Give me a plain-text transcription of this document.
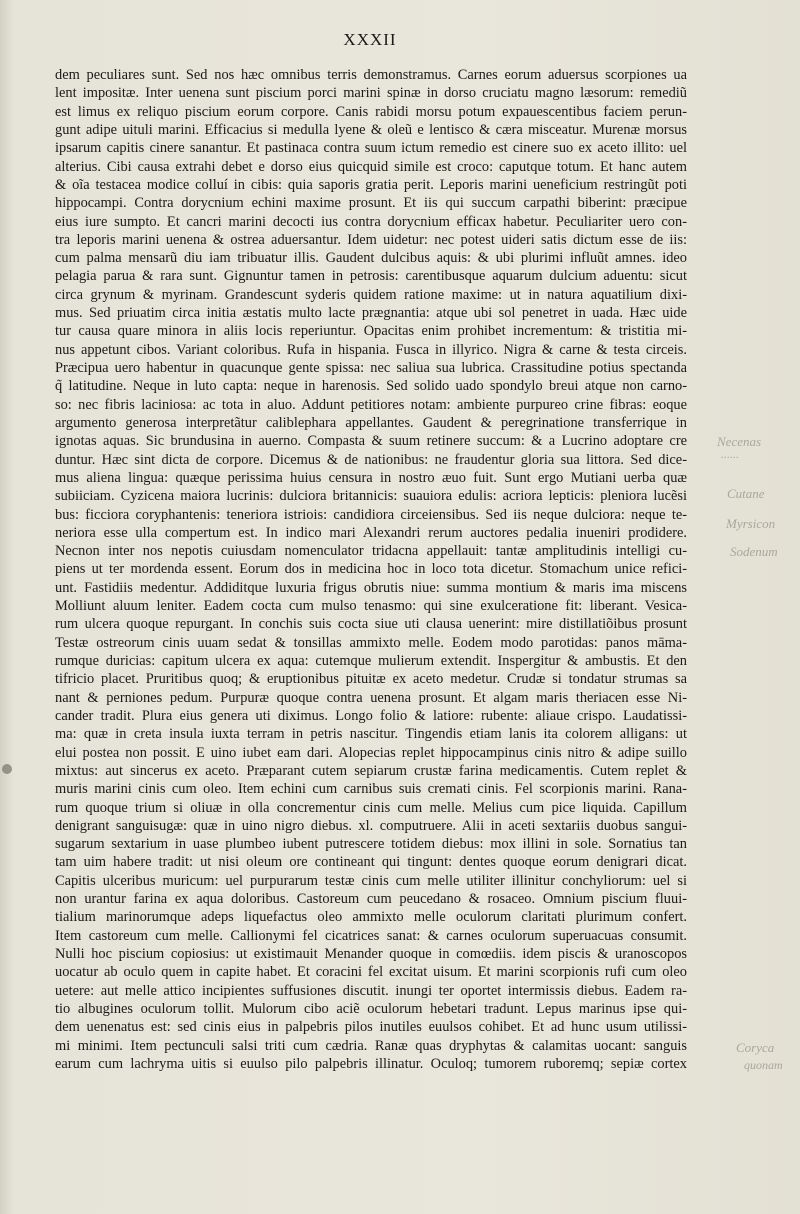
XXXII
dem peculiares sunt. Sed nos hæc omnibus terris demonstramus. Carnes eorum aduersus scorpiones ua
lent impositæ. Inter uenena sunt piscium porci marini spinæ in dorso cruciatu magno læsorum: remediũ
est limus ex reliquo piscium eorum corpore. Canis rabidi morsu potum expauescentibus faciem perun-
gunt adipe uituli marini. Efficacius si medulla lyene & oleũ e lentisco & cæra misceatur. Murenæ morsus
ipsarum capitis cinere sanantur. Et pastinaca contra suum ictum remedio est cinere suo ex aceto illito: uel
alterius. Cibi causa extrahi debet e dorso eius quicquid simile est croco: caputque totum. Et hanc autem
& oĩa testacea modice colluí in cibis: quia saporis gratia perit. Leporis marini ueneficium restringũt poti
hippocampi. Contra dorycnium echini maxime prosunt. Et iis qui succum carpathi biberint: præcipue
eius iure sumpto. Et cancri marini decocti ius contra dorycnium efficax habetur. Peculiariter uero con-
tra leporis marini uenena & ostrea aduersantur. Idem uidetur: nec potest uideri satis dictum esse de iis:
cum palma mensarũ diu iam tribuatur illis. Gaudent dulcibus aquis: & ubi plurimi influũt amnes. ideo
pelagia parua & rara sunt. Gignuntur tamen in petrosis: carentibusque aquarum dulcium aduentu: sicut
circa grynum & myrinam. Grandescunt syderis quidem ratione maxime: ut in natura aquatilium dixi-
mus. Sed priuatim circa initia æstatis multo lacte prægnantia: atque ubi sol penetret in uada. Hæc uide
tur causa quare minora in aliis locis reperiuntur. Opacitas enim prohibet incrementum: & tristitia mi-
nus appetunt cibos. Variant coloribus. Rufa in hispania. Fusca in illyrico. Nigra & carne & testa circeis.
Præcipua uero habentur in quacunque gente spissa: nec saliua sua lubrica. Crassitudine potius spectanda
q̃ latitudine. Neque in luto capta: neque in harenosis. Sed solido uado spondylo breui atque non carno-
so: nec fibris laciniosa: ac tota in aluo. Addunt petitiores notam: ambiente purpureo crine fibras: eoque
argumento generosa interpretãtur caliblephara appellantes. Gaudent & peregrinatione transferrique in
ignotas aquas. Sic brundusina in auerno. Compasta & suum retinere succum: & a Lucrino adoptare cre
duntur. Hæc sint dicta de corpore. Dicemus & de nationibus: ne fraudentur gloria sua littora. Sed dice-
mus aliena lingua: quæque perissima huius censura in nostro æuo fuit. Sunt ergo Mutiani uerba quæ
subiiciam. Cyzicena maiora lucrinis: dulciora britannicis: suauiora edulis: acriora lepticis: pleniora lucẽsi
bus: ficciora coryphantenis: teneriora istriois: candidiora circeiensibus. Sed iis neque dulciora: neque te-
neriora esse ulla compertum est. In indico mari Alexandri rerum auctores pedalia inueniri prodidere.
Necnon inter nos nepotis cuiusdam nomenculator tridacna appellauit: tantæ amplitudinis intelligi cu-
piens ut ter mordenda essent. Eorum dos in medicina hoc in loco tota dicetur. Stomachum unice refici-
unt. Fastidiis medentur. Addiditque luxuria frigus obrutis niue: summa montium & maris ima miscens
Molliunt aluum leniter. Eadem cocta cum mulso tenasmo: qui sine exulceratione fit: liberant. Vesica-
rum ulcera quoque repurgant. In conchis suis cocta siue uti clausa uenerint: mire distillatiõibus prosunt
Testæ ostreorum cinis uuam sedat & tonsillas ammixto melle. Eodem modo parotidas: panos māma-
rumque duricias: capitum ulcera ex aqua: cutemque mulierum extendit. Inspergitur & ambustis. Et den
tifricio placet. Pruritibus quoq; & eruptionibus pituitæ ex aceto medetur. Crudæ si tondatur strumas sa
nant & perniones pedum. Purpuræ quoque contra uenena prosunt. Et algam maris theriacen esse Ni-
cander tradit. Plura eius genera uti diximus. Longo folio & latiore: rubente: aliaue crispo. Laudatissi-
ma: quæ in creta insula iuxta terram in petris nascitur. Tingendis etiam lanis ita colorem alligans: ut
elui postea non possit. E uino iubet eam dari. Alopecias replet hippocampinus cinis nitro & adipe suillo
mixtus: aut sincerus ex aceto. Præparant cutem sepiarum crustæ farina medicamentis. Cutem replet &
muris marini cinis cum oleo. Item echini cum carnibus suis cremati cinis. Fel scorpionis marini. Rana-
rum quoque trium si oliuæ in olla concrementur cinis cum melle. Melius cum pice liquida. Capillum
denigrant sanguisugæ: quæ in uino nigro diebus. xl. computruere. Alii in aceti sextariis duobus sangui-
sugarum sextarium in uase plumbeo iubent putrescere totidem diebus: mox illini in sole. Sornatius tan
tam uim habere tradit: ut nisi oleum ore contineant qui tingunt: dentes quoque eorum denigrari dicat.
Capitis ulceribus muricum: uel purpurarum testæ cinis cum melle utiliter illinitur conchyliorum: uel si
non urantur farina ex aqua doloribus. Castoreum cum peucedano & rosaceo. Omnium piscium fluui-
tialium marinorumque adeps liquefactus oleo ammixto melle oculorum claritati plurimum confert.
Item castoreum cum melle. Callionymi fel cicatrices sanat: & carnes oculorum superuacuas consumit.
Nulli hoc piscium copiosius: ut existimauit Menander quoque in comœdiis. idem piscis & uranoscopos
uocatur ab oculo quem in capite habet. Et coracini fel excitat uisum. Et marini scorpionis rufi cum oleo
uetere: aut melle attico incipientes suffusiones discutit. inungi ter oportet intermissis diebus. Eadem ra-
tio albugines oculorum tollit. Mulorum cibo aciẽ oculorum hebetari tradunt. Lepus marinus ipse qui-
dem uenenatus est: sed cinis eius in palpebris pilos inutiles euulsos cohibet. Et ad hunc usum utilissi-
mi minimi. Item pectunculi salsi triti cum cædria. Ranæ quas dryphytas & calamitas uocant: sanguis
earum cum lachryma uitis si euulso pilo palpebris illinatur. Oculoq; tumorem ruboremq; sepiæ cortex
Necenas
......
Cutane
Myrsicon
Sodenum
Coryca
quonam
